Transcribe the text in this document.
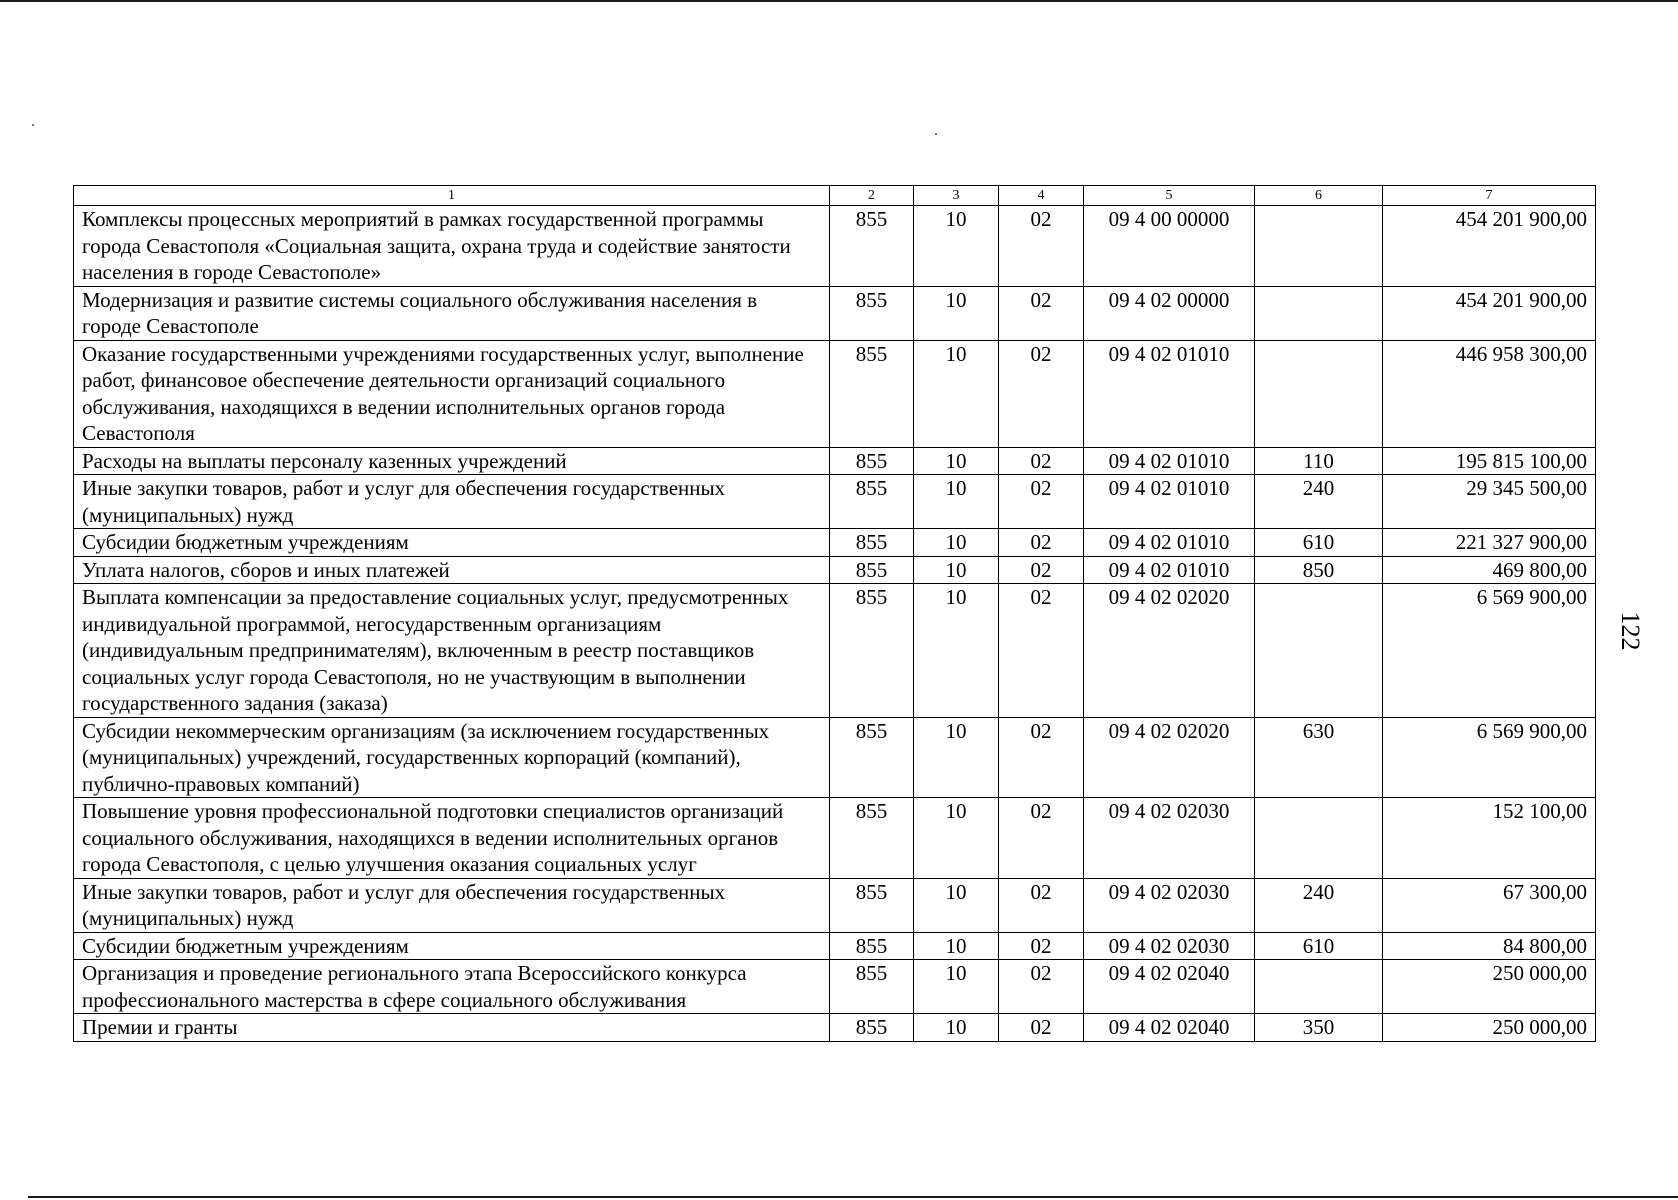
122
1	2	3	4	5	6	7
Комплексы процессных мероприятий в рамках государственной программы города Севастополя «Социальная защита, охрана труда и содействие занятости населения в городе Севастополе»	855	10	02	09 4 00 00000		454 201 900,00
Модернизация и развитие системы социального обслуживания населения в городе Севастополе	855	10	02	09 4 02 00000		454 201 900,00
Оказание государственными учреждениями государственных услуг, выполнение работ, финансовое обеспечение деятельности организаций социального обслуживания, находящихся в ведении исполнительных органов города Севастополя	855	10	02	09 4 02 01010		446 958 300,00
Расходы на выплаты персоналу казенных учреждений	855	10	02	09 4 02 01010	110	195 815 100,00
Иные закупки товаров, работ и услуг для обеспечения государственных (муниципальных) нужд	855	10	02	09 4 02 01010	240	29 345 500,00
Субсидии бюджетным учреждениям	855	10	02	09 4 02 01010	610	221 327 900,00
Уплата налогов, сборов и иных платежей	855	10	02	09 4 02 01010	850	469 800,00
Выплата компенсации за предоставление социальных услуг, предусмотренных индивидуальной программой, негосударственным организациям (индивидуальным предпринимателям), включенным в реестр поставщиков социальных услуг города Севастополя, но не участвующим в выполнении государственного задания (заказа)	855	10	02	09 4 02 02020		6 569 900,00
Субсидии некоммерческим организациям (за исключением государственных (муниципальных) учреждений, государственных корпораций (компаний), публично-правовых компаний)	855	10	02	09 4 02 02020	630	6 569 900,00
Повышение уровня профессиональной подготовки специалистов организаций социального обслуживания, находящихся в ведении исполнительных органов города Севастополя, с целью улучшения оказания социальных услуг	855	10	02	09 4 02 02030		152 100,00
Иные закупки товаров, работ и услуг для обеспечения государственных (муниципальных) нужд	855	10	02	09 4 02 02030	240	67 300,00
Субсидии бюджетным учреждениям	855	10	02	09 4 02 02030	610	84 800,00
Организация и проведение регионального этапа Всероссийского конкурса профессионального мастерства в сфере социального обслуживания	855	10	02	09 4 02 02040		250 000,00
Премии и гранты	855	10	02	09 4 02 02040	350	250 000,00
